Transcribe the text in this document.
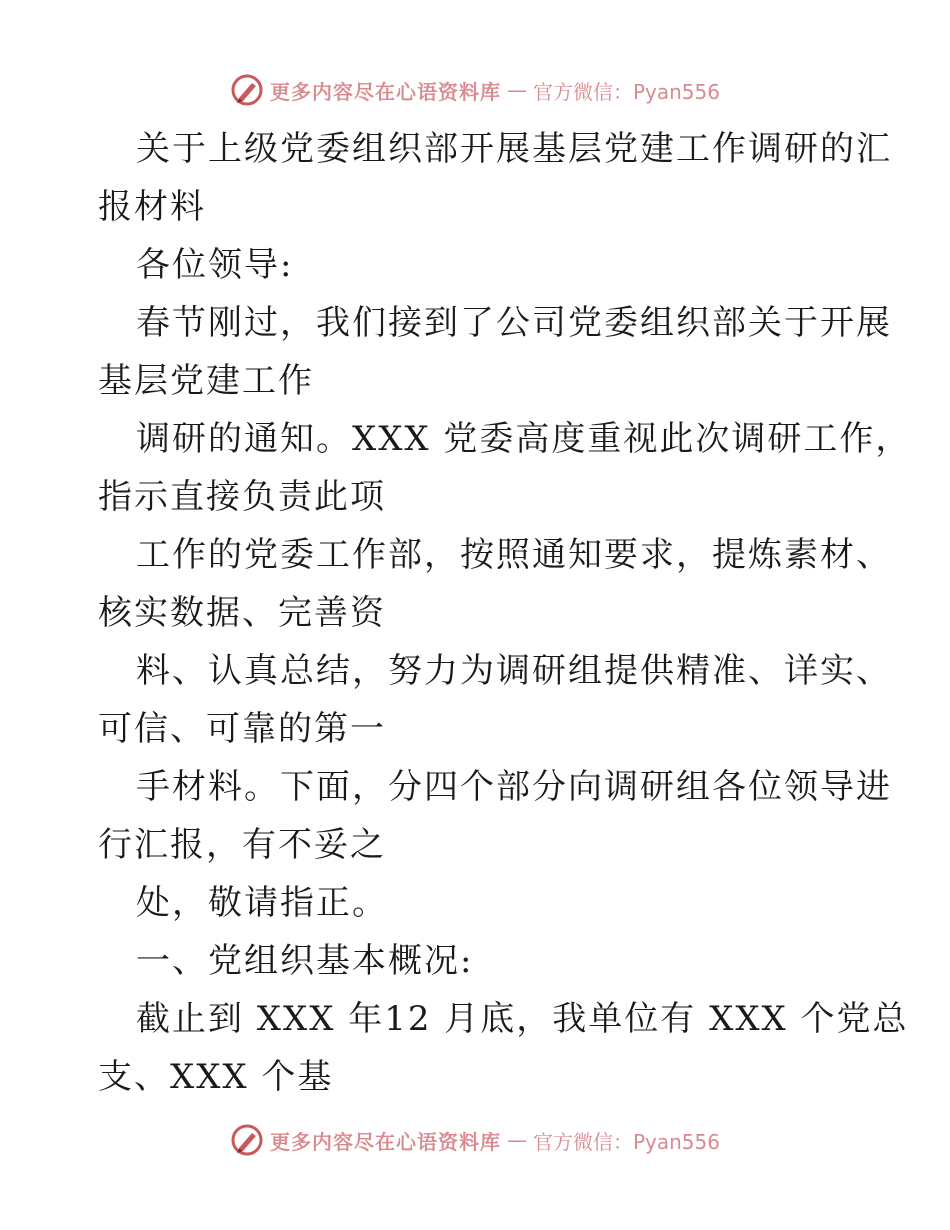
更多内容尽在心语资料库 — 官方微信：Pyan556
关于上级党委组织部开展基层党建工作调研的汇
报材料
各位领导:
春节刚过，我们接到了公司党委组织部关于开展
基层党建工作
调研的通知。XXX 党委高度重视此次调研工作，
指示直接负责此项
工作的党委工作部，按照通知要求，提炼素材、
核实数据、完善资
料、认真总结，努力为调研组提供精准、详实、
可信、可靠的第一
手材料。下面，分四个部分向调研组各位领导进
行汇报，有不妥之
处，敬请指正。
一、党组织基本概况:
截止到 XXX 年12 月底，我单位有 XXX 个党总
支、XXX 个基
更多内容尽在心语资料库 — 官方微信：Pyan556
